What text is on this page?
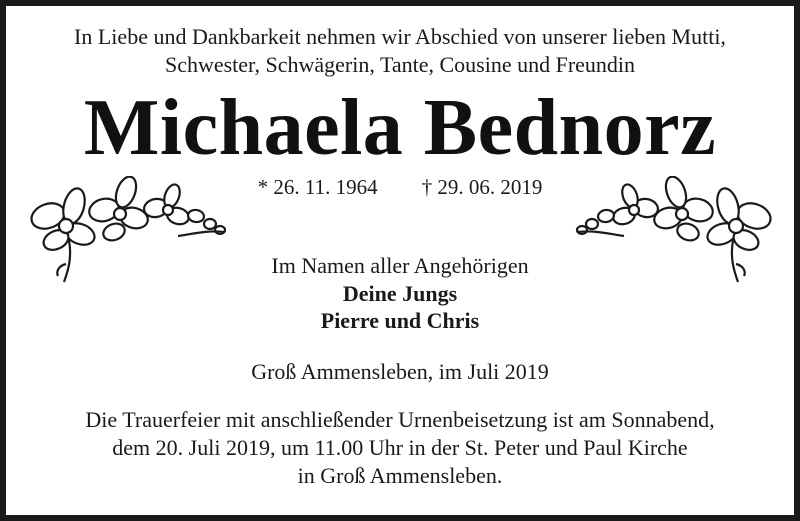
In Liebe und Dankbarkeit nehmen wir Abschied von unserer lieben Mutti,
Schwester, Schwägerin, Tante, Cousine und Freundin
Michaela Bednorz
* 26. 11. 1964 † 29. 06. 2019
Im Namen aller Angehörigen
Deine Jungs
Pierre und Chris
Groß Ammensleben, im Juli 2019
Die Trauerfeier mit anschließender Urnenbeisetzung ist am Sonnabend,
dem 20. Juli 2019, um 11.00 Uhr in der St. Peter und Paul Kirche
in Groß Ammensleben.
